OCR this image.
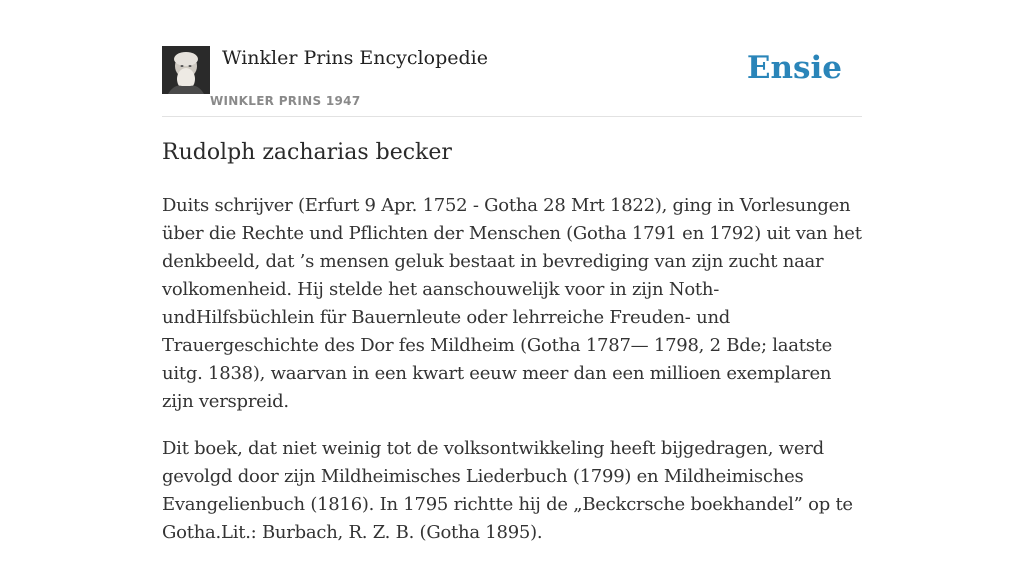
Winkler Prins Encyclopedie
WINKLER PRINS 1947
Ensie
Rudolph zacharias becker

Duits schrijver (Erfurt 9 Apr. 1752 - Gotha 28 Mrt 1822), ging in Vorlesungen über die Rechte und Pflichten der Menschen (Gotha 1791 en 1792) uit van het denkbeeld, dat ’s mensen geluk bestaat in bevrediging van zijn zucht naar volkomenheid. Hij stelde het aanschouwelijk voor in zijn Noth- undHilfsbüchlein für Bauernleute oder lehrreiche Freuden- und Trauergeschichte des Dor fes Mildheim (Gotha 1787— 1798, 2 Bde; laatste uitg. 1838), waarvan in een kwart eeuw meer dan een millioen exemplaren zijn verspreid.

Dit boek, dat niet weinig tot de volksontwikkeling heeft bijgedragen, werd gevolgd door zijn Mildheimisches Liederbuch (1799) en Mildheimisches Evangelienbuch (1816). In 1795 richtte hij de „Beckcrsche boekhandel” op te Gotha.Lit.: Burbach, R. Z. B. (Gotha 1895).
